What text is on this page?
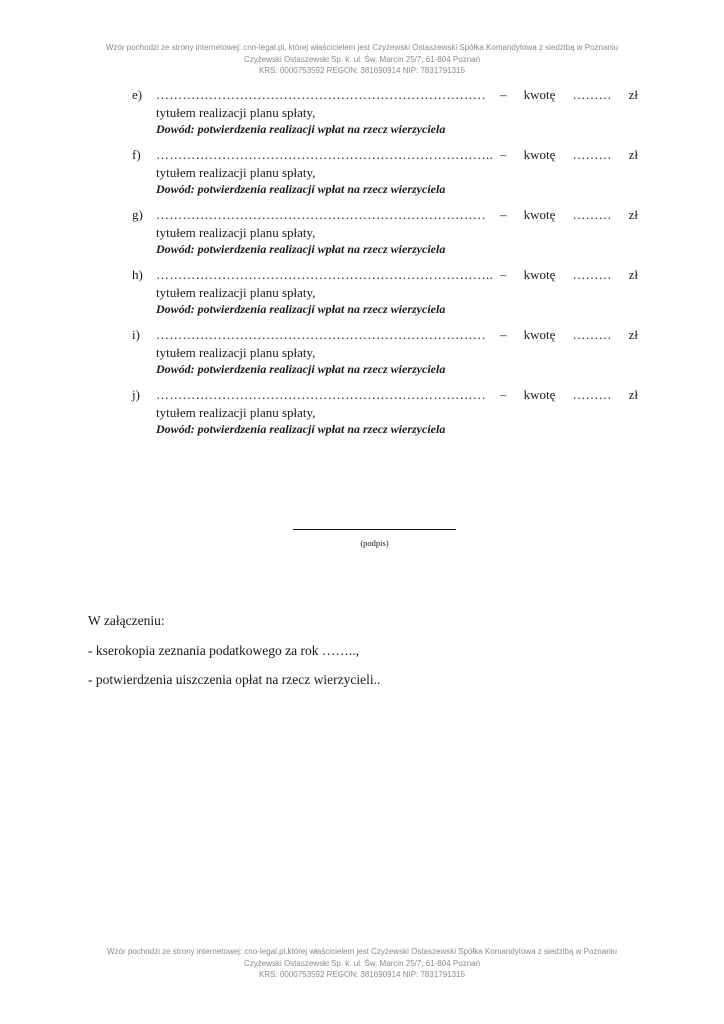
Wzór pochodzi ze strony internetowej: cno-legal.pl, której właścicielem jest Czyżewski Ostaszewski Spółka Komandytowa z siedzibą w Poznaniu
Czyżewski Ostaszewski Sp. k. ul. Św. Marcin 25/7; 61-804 Poznań
KRS: 0000753592 REGON: 381690914 NIP: 7831791315
e) …………………………………………………………………	– kwotę ……… zł
tytułem realizacji planu spłaty,
Dowód: potwierdzenia realizacji wpłat na rzecz wierzyciela
f) ………………………………………………………………….. – kwotę ……… zł
tytułem realizacji planu spłaty,
Dowód: potwierdzenia realizacji wpłat na rzecz wierzyciela
g) …………………………………………………………………	– kwotę ……… zł
tytułem realizacji planu spłaty,
Dowód: potwierdzenia realizacji wpłat na rzecz wierzyciela
h) ………………………………………………………………….. – kwotę ……… zł
tytułem realizacji planu spłaty,
Dowód: potwierdzenia realizacji wpłat na rzecz wierzyciela
i) …………………………………………………………………	– kwotę ……… zł
tytułem realizacji planu spłaty,
Dowód: potwierdzenia realizacji wpłat na rzecz wierzyciela
j) …………………………………………………………………	– kwotę ……… zł
tytułem realizacji planu spłaty,
Dowód: potwierdzenia realizacji wpłat na rzecz wierzyciela
(podpis)
W załączeniu:
- kserokopia zeznania podatkowego za rok ……..,
- potwierdzenia uiszczenia opłat na rzecz wierzycieli..
Wzór pochodzi ze strony internetowej: cno-legal.pl,której właścicielem jest Czyżewski Ostaszewski Spółka Komandytowa z siedzibą w Poznaniu
Czyżewski Ostaszewski Sp. k. ul. Św. Marcin 25/7; 61-804 Poznań
KRS: 0000753592 REGON: 381690914 NIP: 7831791315
